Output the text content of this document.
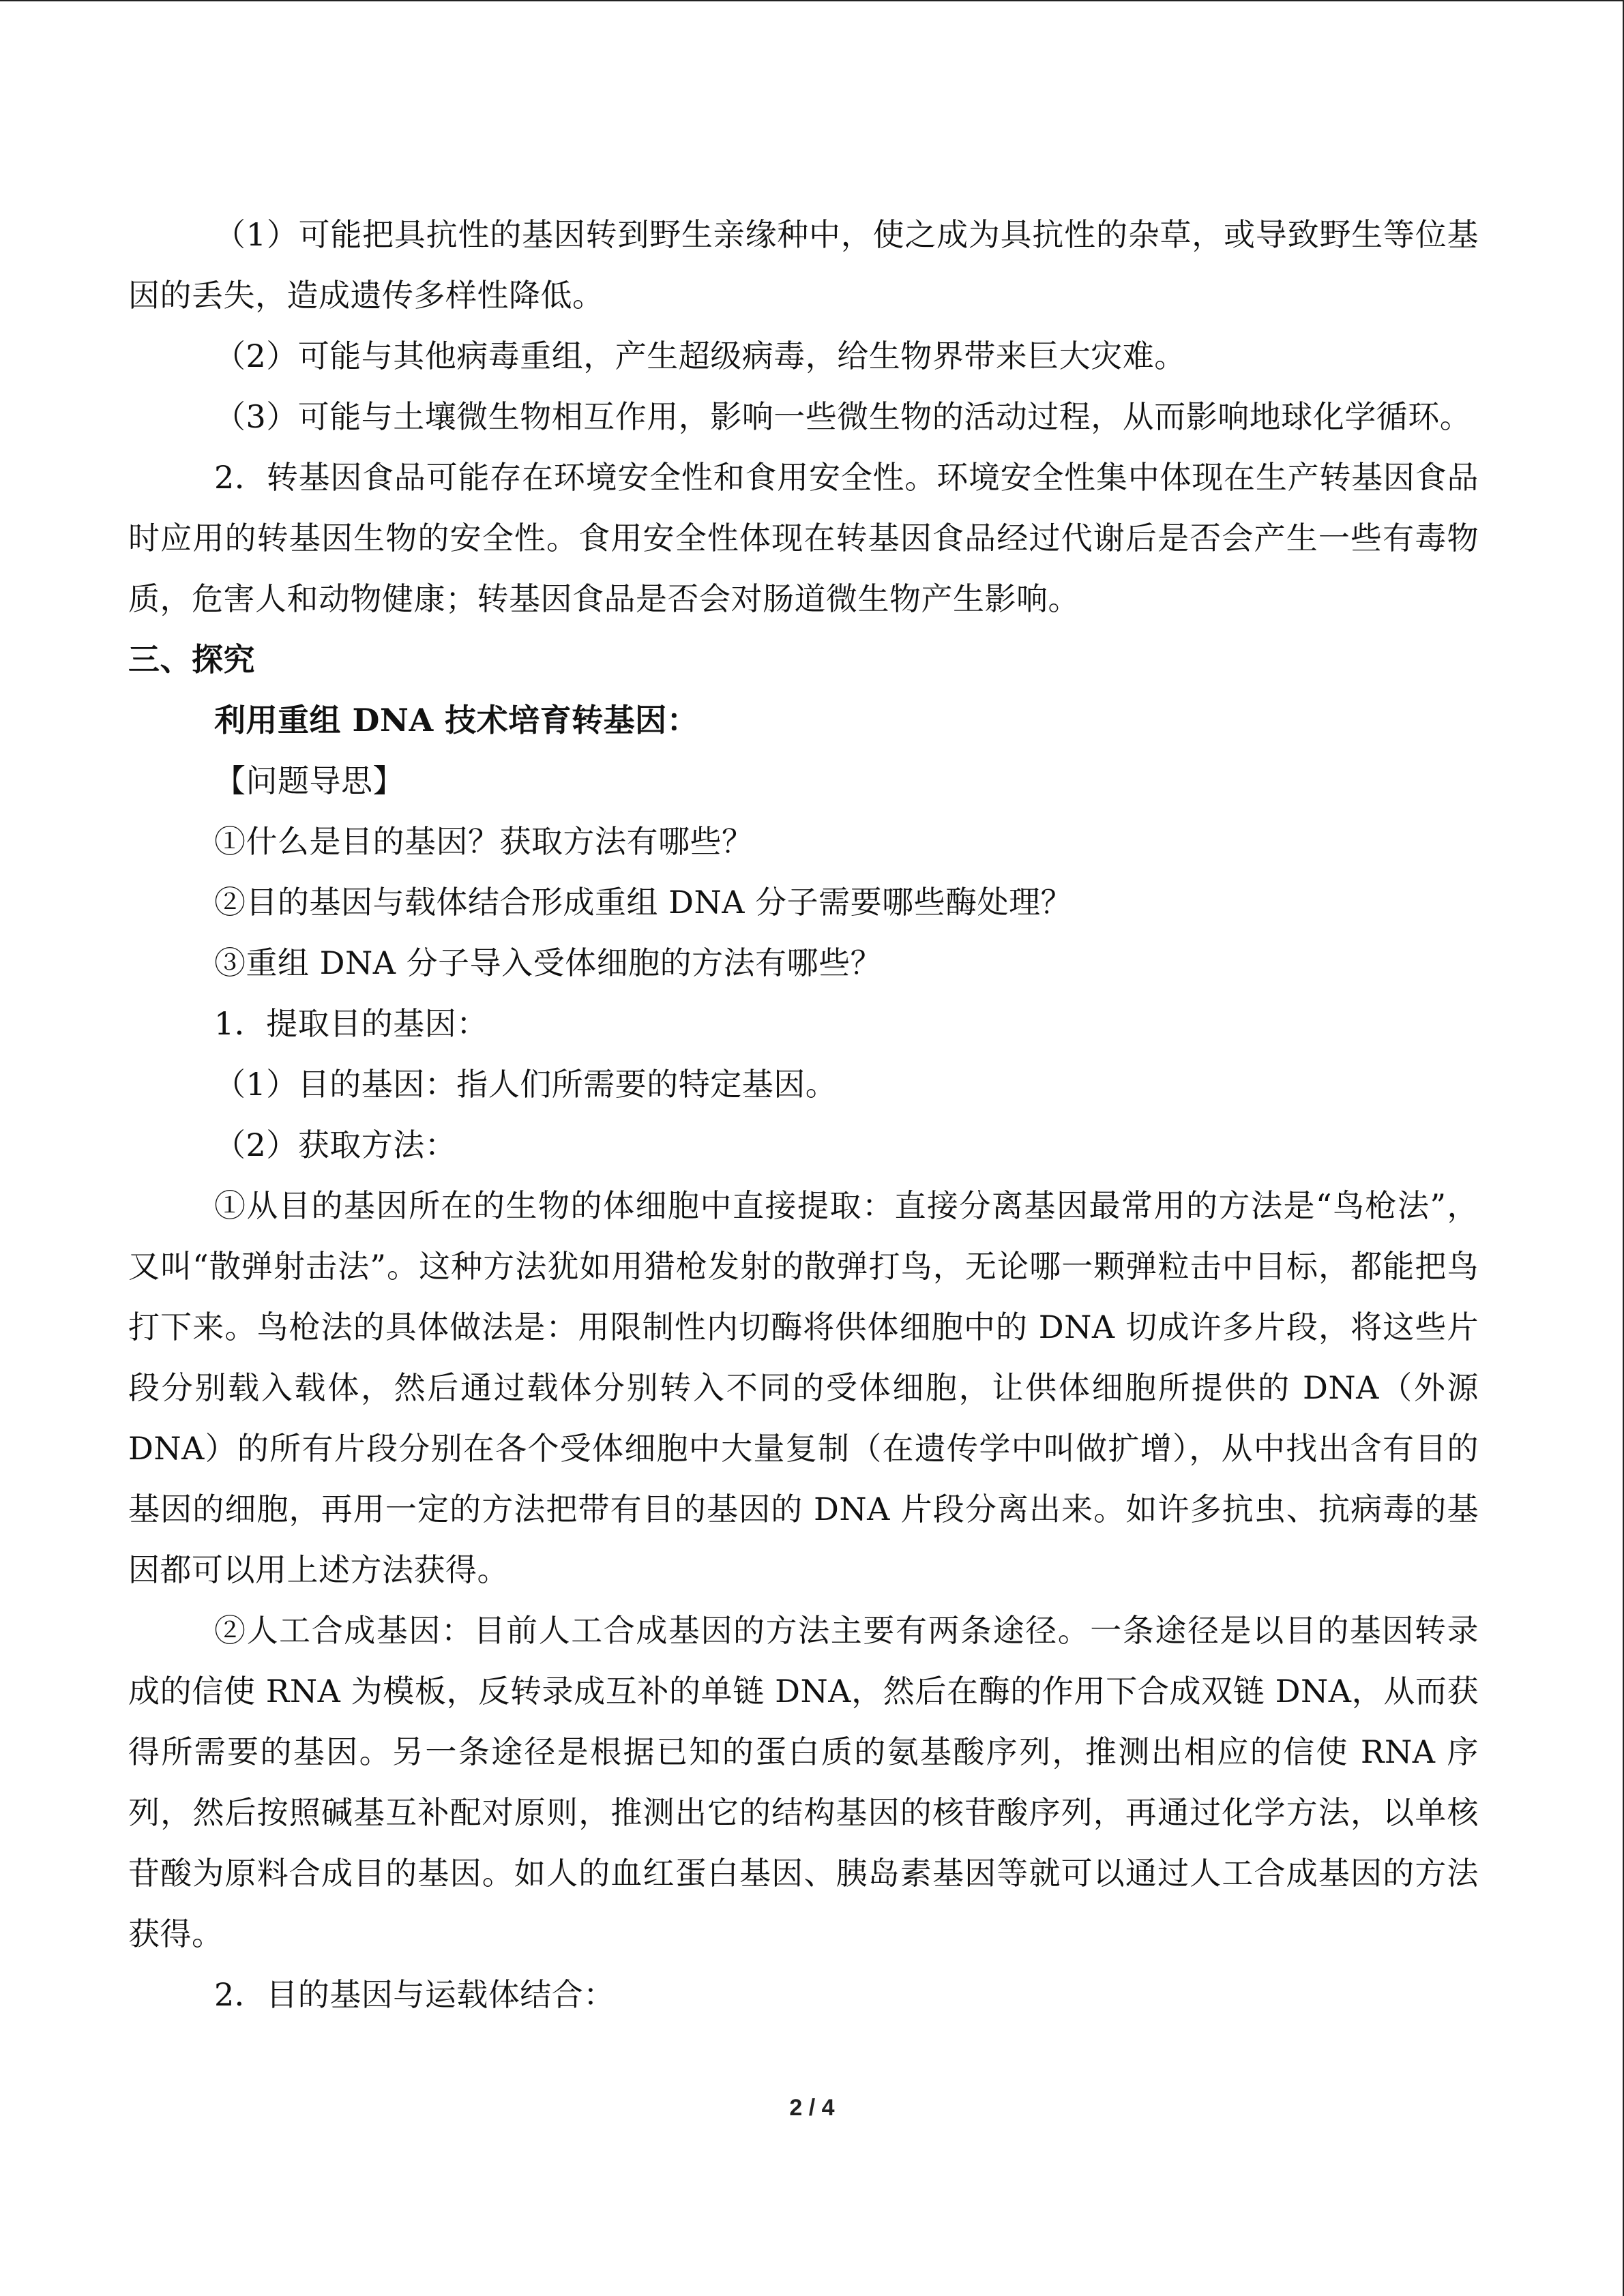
（1）可能把具抗性的基因转到野生亲缘种中，使之成为具抗性的杂草，或导致野生等位基因的丢失，造成遗传多样性降低。

（2）可能与其他病毒重组，产生超级病毒，给生物界带来巨大灾难。

（3）可能与土壤微生物相互作用，影响一些微生物的活动过程，从而影响地球化学循环。

2．转基因食品可能存在环境安全性和食用安全性。环境安全性集中体现在生产转基因食品时应用的转基因生物的安全性。食用安全性体现在转基因食品经过代谢后是否会产生一些有毒物质，危害人和动物健康；转基因食品是否会对肠道微生物产生影响。

三、探究

利用重组 DNA 技术培育转基因：

【问题导思】

①什么是目的基因？获取方法有哪些？

②目的基因与载体结合形成重组 DNA 分子需要哪些酶处理？

③重组 DNA 分子导入受体细胞的方法有哪些？

1．提取目的基因：

（1）目的基因：指人们所需要的特定基因。

（2）获取方法：

①从目的基因所在的生物的体细胞中直接提取：直接分离基因最常用的方法是“鸟枪法”，又叫“散弹射击法”。这种方法犹如用猎枪发射的散弹打鸟，无论哪一颗弹粒击中目标，都能把鸟打下来。鸟枪法的具体做法是：用限制性内切酶将供体细胞中的 DNA 切成许多片段，将这些片段分别载入载体，然后通过载体分别转入不同的受体细胞，让供体细胞所提供的 DNA（外源 DNA）的所有片段分别在各个受体细胞中大量复制（在遗传学中叫做扩增），从中找出含有目的基因的细胞，再用一定的方法把带有目的基因的 DNA 片段分离出来。如许多抗虫、抗病毒的基因都可以用上述方法获得。

②人工合成基因：目前人工合成基因的方法主要有两条途径。一条途径是以目的基因转录成的信使 RNA 为模板，反转录成互补的单链 DNA，然后在酶的作用下合成双链 DNA，从而获得所需要的基因。另一条途径是根据已知的蛋白质的氨基酸序列，推测出相应的信使 RNA 序列，然后按照碱基互补配对原则，推测出它的结构基因的核苷酸序列，再通过化学方法，以单核苷酸为原料合成目的基因。如人的血红蛋白基因、胰岛素基因等就可以通过人工合成基因的方法获得。

2．目的基因与运载体结合：

2 / 4
